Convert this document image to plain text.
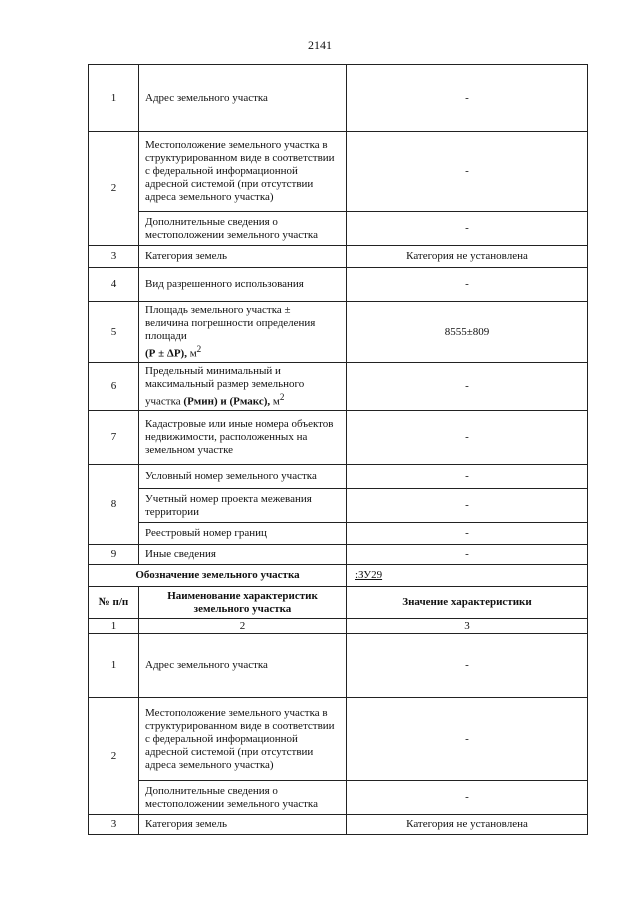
2141
1	Адрес земельного участка	-
2	Местоположение земельного участка в структурированном виде в соответствии с федеральной информационной адресной системой (при отсутствии адреса земельного участка)	-
	Дополнительные сведения о местоположении земельного участка	-
3	Категория земель	Категория не установлена
4	Вид разрешенного использования	-
5	Площадь земельного участка ±
величина погрешности определения
площади
(Р ± ΔР), $м^2$	8555±809
6	Предельный минимальный и
максимальный размер земельного
участка (Рмин) и (Рмакс), $м^2$	-
7	Кадастровые или иные номера объектов недвижимости, расположенных на земельном участке	-
8	Условный номер земельного участка	-
	Учетный номер проекта межевания территории	-
	Реестровый номер границ	-
9	Иные сведения	-
Обозначение земельного участка		:ЗУ29
№ п/п	Наименование характеристик земельного участка	Значение характеристики
1	2	3
1	Адрес земельного участка	-
2	Местоположение земельного участка в структурированном виде в соответствии с федеральной информационной адресной системой (при отсутствии адреса земельного участка)	-
	Дополнительные сведения о местоположении земельного участка	-
3	Категория земель	Категория не установлена
